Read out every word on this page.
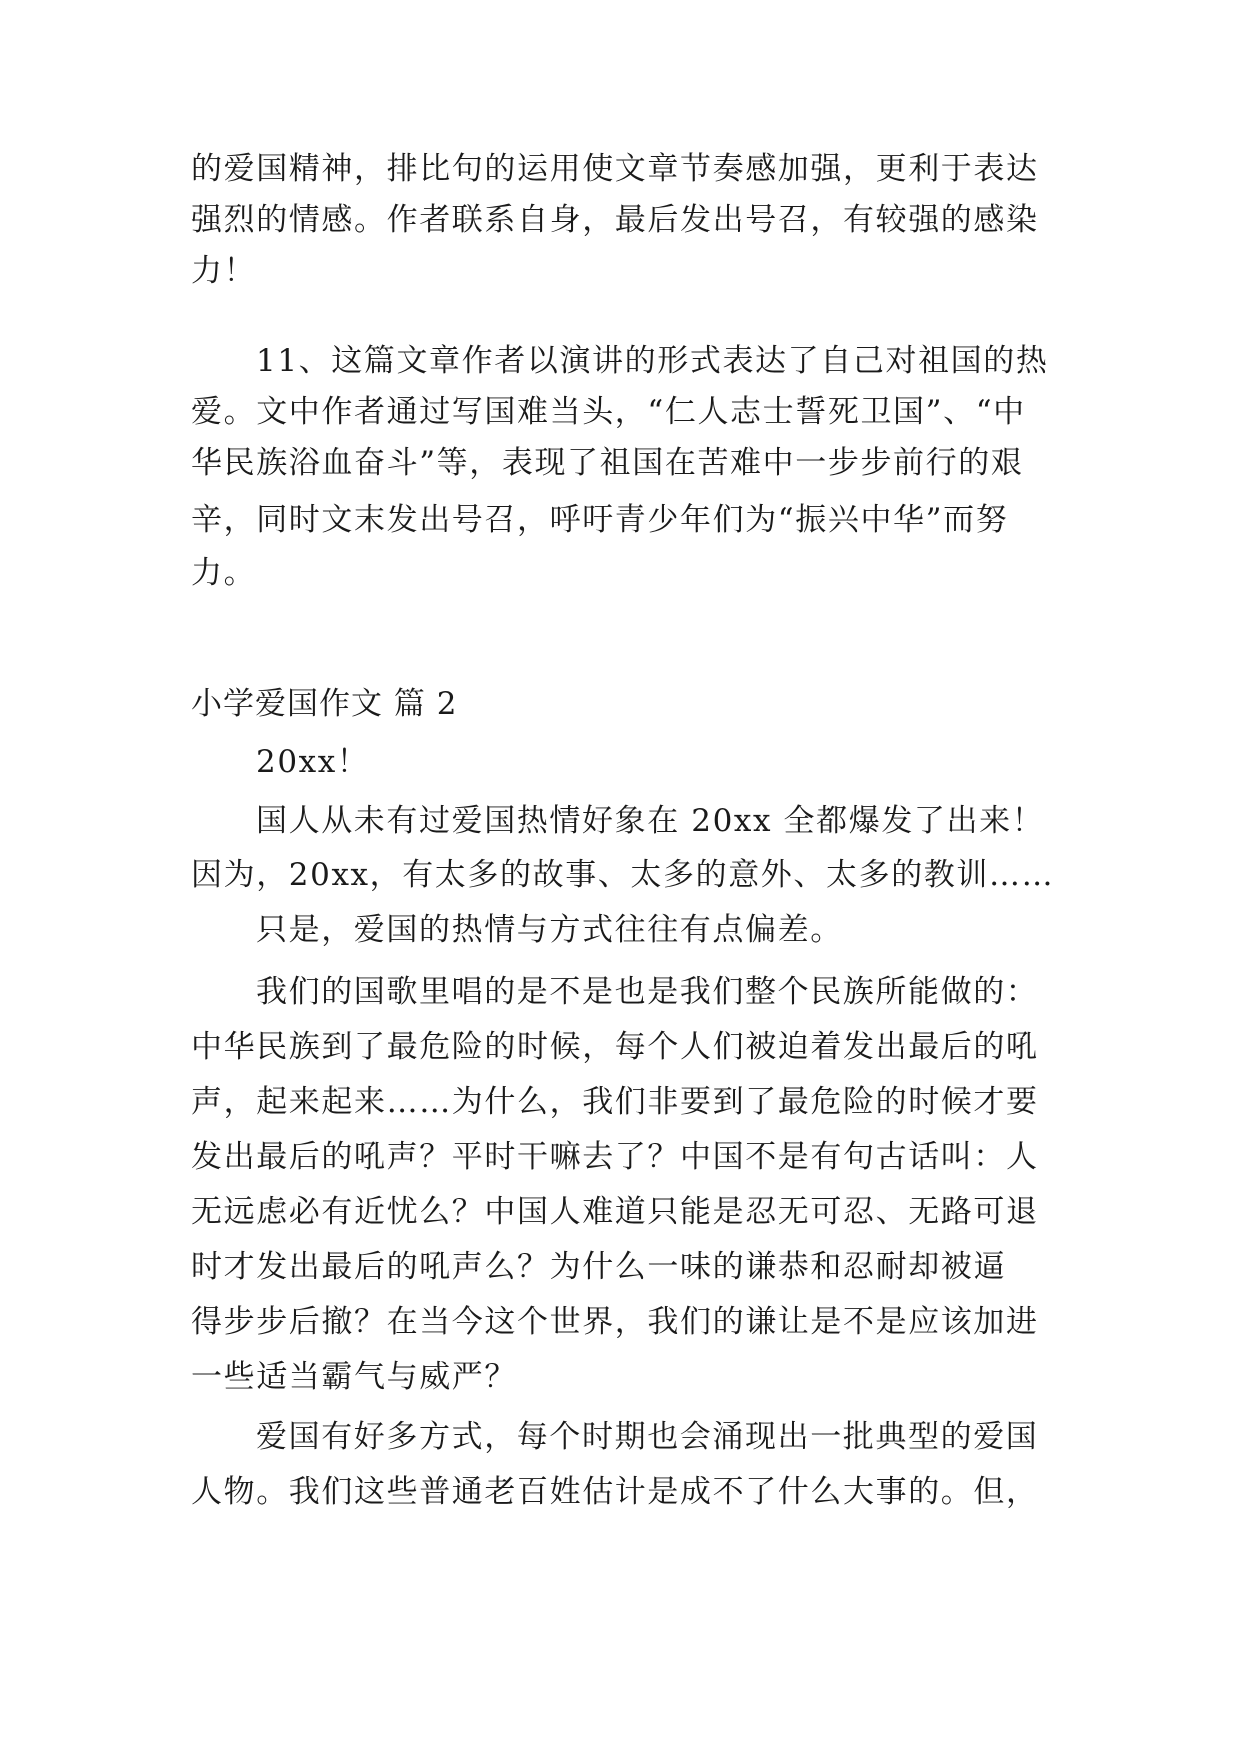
的爱国精神，排比句的运用使文章节奏感加强，更利于表达
强烈的情感。作者联系自身，最后发出号召，有较强的感染
力！
11、这篇文章作者以演讲的形式表达了自己对祖国的热
爱。文中作者通过写国难当头，“仁人志士誓死卫国”、“中
华民族浴血奋斗”等，表现了祖国在苦难中一步步前行的艰
辛，同时文末发出号召，呼吁青少年们为“振兴中华”而努
力。
小学爱国作文 篇 2
20xx！
国人从未有过爱国热情好象在 20xx 全都爆发了出来！
因为，20xx，有太多的故事、太多的意外、太多的教训……
只是，爱国的热情与方式往往有点偏差。
我们的国歌里唱的是不是也是我们整个民族所能做的：
中华民族到了最危险的时候，每个人们被迫着发出最后的吼
声，起来起来……为什么，我们非要到了最危险的时候才要
发出最后的吼声？平时干嘛去了？中国不是有句古话叫：人
无远虑必有近忧么？中国人难道只能是忍无可忍、无路可退
时才发出最后的吼声么？为什么一味的谦恭和忍耐却被逼
得步步后撤？在当今这个世界，我们的谦让是不是应该加进
一些适当霸气与威严？
爱国有好多方式，每个时期也会涌现出一批典型的爱国
人物。我们这些普通老百姓估计是成不了什么大事的。但，
